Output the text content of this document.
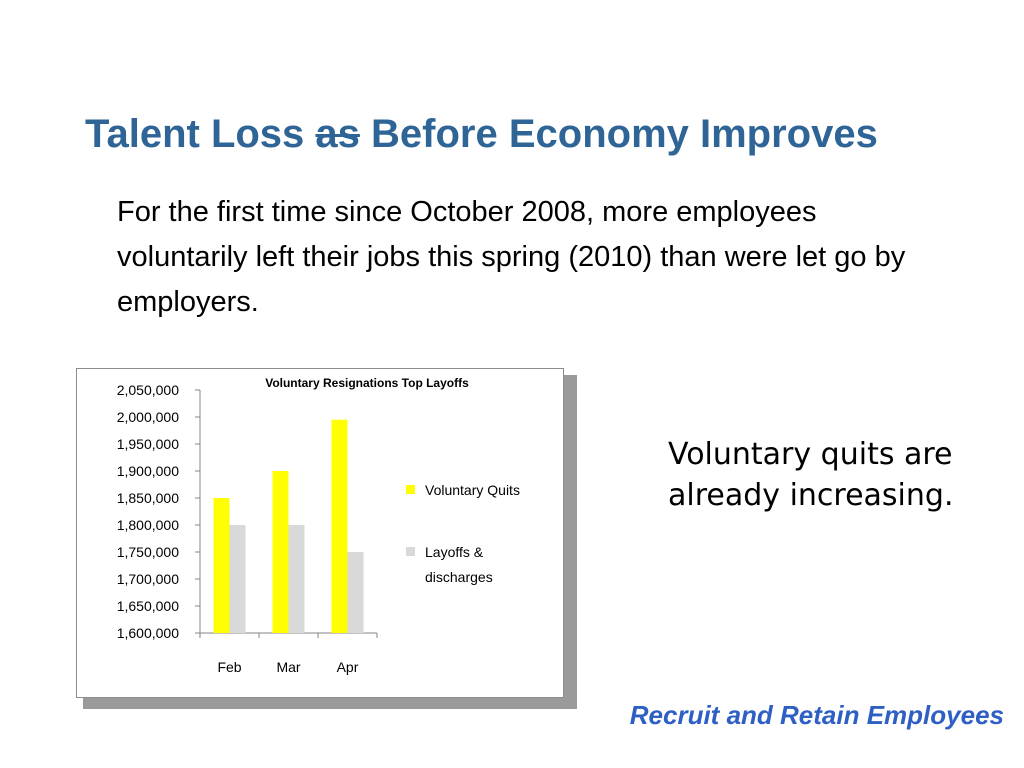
Talent Loss as Before Economy Improves

For the first time since October 2008, more employees voluntarily left their jobs this spring (2010) than were let go by employers.

Voluntary Resignations Top Layoffs
1,600,000
1,650,000
1,700,000
1,750,000
1,800,000
1,850,000
1,900,000
1,950,000
2,000,000
2,050,000
Feb Mar	Apr
Voluntary Quits
Layoffs &
discharges

Voluntary quits are already increasing.

Recruit and Retain Employees
